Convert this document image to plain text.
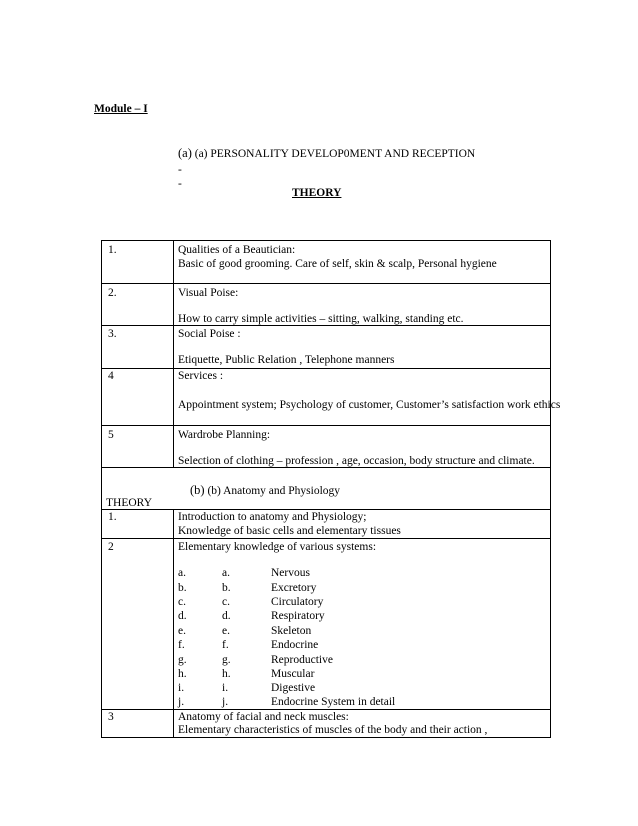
Module – I
(a) (a) PERSONALITY DEVELOP0MENT AND RECEPTION
-
-
THEORY
1.	Qualities of a Beautician:
Basic of good grooming. Care of self, skin & scalp, Personal hygiene
2.	Visual Poise:
How to carry simple activities – sitting, walking, standing etc.
3.	Social Poise :
Etiquette, Public Relation , Telephone manners
4	Services :
Appointment system; Psychology of customer, Customer’s satisfaction work ethics
5	Wardrobe Planning:
Selection of clothing – profession , age, occasion, body structure and climate.
(b) (b) Anatomy and Physiology
THEORY
1.	Introduction to anatomy and Physiology;
Knowledge of basic cells and elementary tissues
2	Elementary knowledge of various systems:
a.	a.	Nervous
b.	b.	Excretory
c.	c.	Circulatory
d.	d.	Respiratory
e.	e.	Skeleton
f.	f.	Endocrine
g.	g.	Reproductive
h.	h.	Muscular
i.	i.	Digestive
j.	j.	Endocrine System in detail
3	Anatomy of facial and neck muscles:
Elementary characteristics of muscles of the body and their action ,
